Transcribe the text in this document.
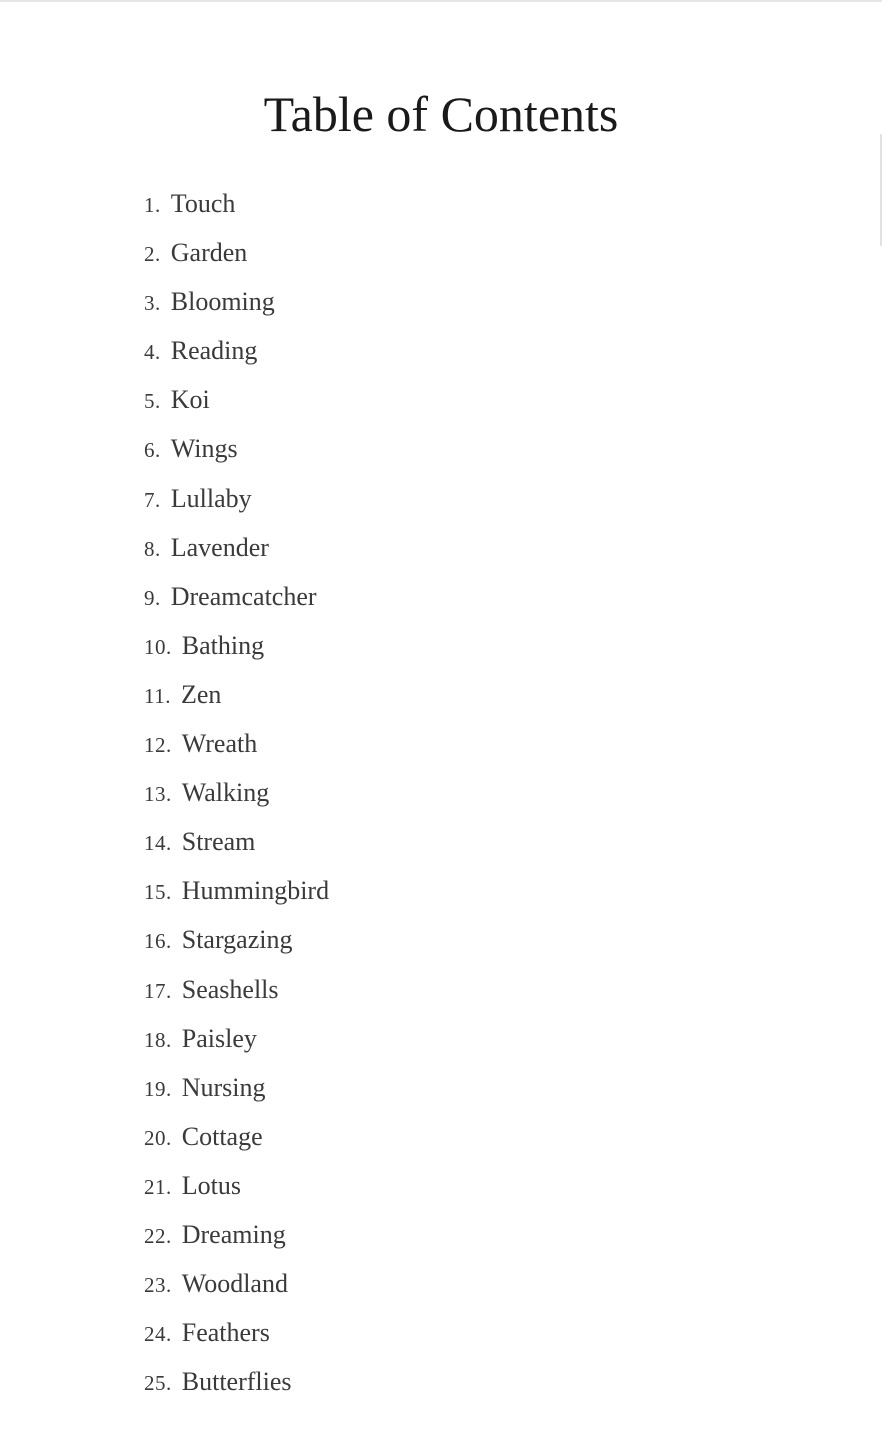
Table of Contents
1. Touch
2. Garden
3. Blooming
4. Reading
5. Koi
6. Wings
7. Lullaby
8. Lavender
9. Dreamcatcher
10. Bathing
11. Zen
12. Wreath
13. Walking
14. Stream
15. Hummingbird
16. Stargazing
17. Seashells
18. Paisley
19. Nursing
20. Cottage
21. Lotus
22. Dreaming
23. Woodland
24. Feathers
25. Butterflies
